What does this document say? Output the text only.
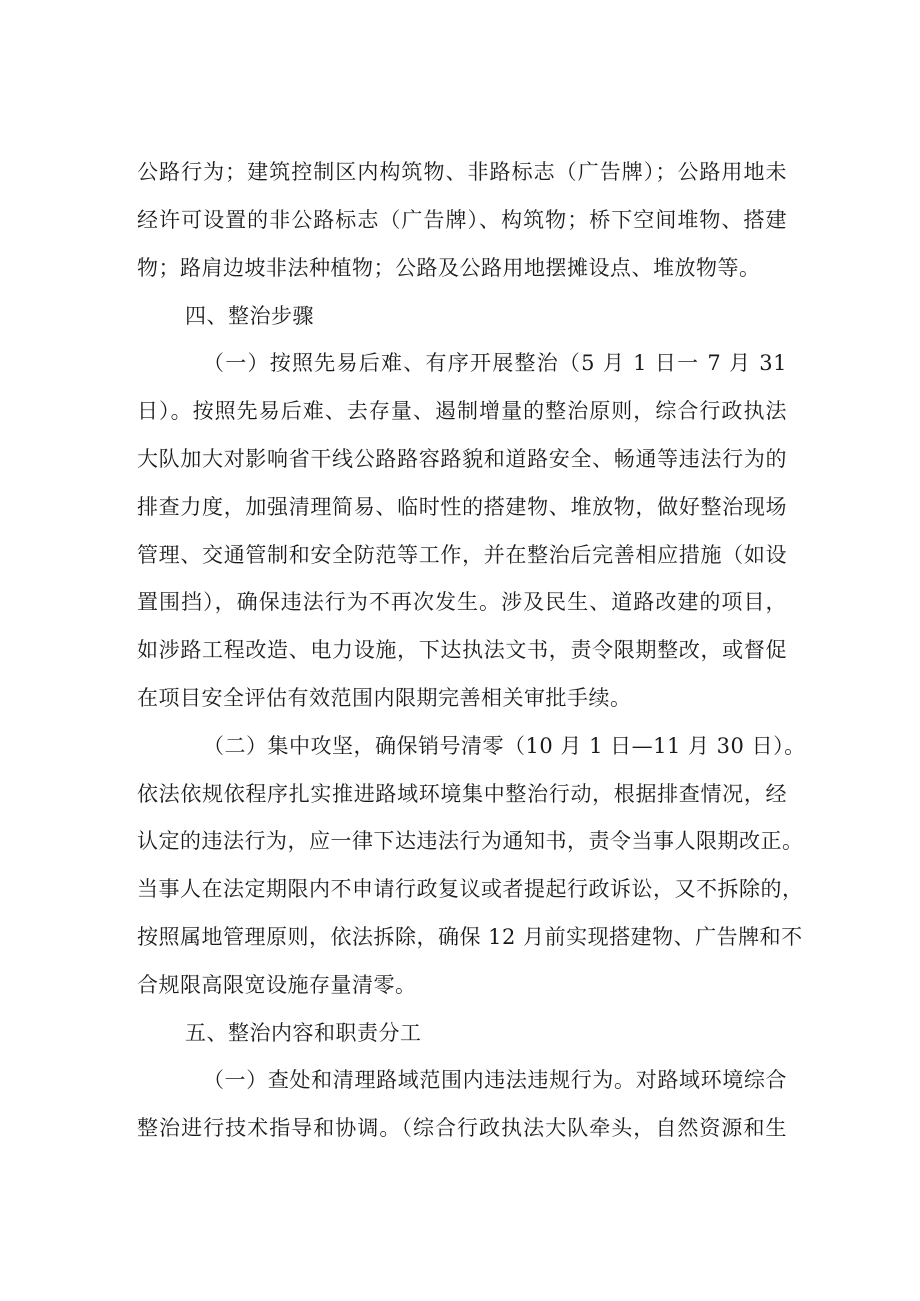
公路行为；建筑控制区内构筑物、非路标志（广告牌）；公路用地未
经许可设置的非公路标志（广告牌）、构筑物；桥下空间堆物、搭建
物；路肩边坡非法种植物；公路及公路用地摆摊设点、堆放物等。
四、整治步骤
（一）按照先易后难、有序开展整治（5 月 1 日一 7 月 31
日）。按照先易后难、去存量、遏制增量的整治原则，综合行政执法
大队加大对影响省干线公路路容路貌和道路安全、畅通等违法行为的
排查力度，加强清理简易、临时性的搭建物、堆放物，做好整治现场
管理、交通管制和安全防范等工作，并在整治后完善相应措施（如设
置围挡），确保违法行为不再次发生。涉及民生、道路改建的项目，
如涉路工程改造、电力设施，下达执法文书，责令限期整改，或督促
在项目安全评估有效范围内限期完善相关审批手续。
（二）集中攻坚，确保销号清零（10 月 1 日—11 月 30 日）。
依法依规依程序扎实推进路域环境集中整治行动，根据排查情况，经
认定的违法行为，应一律下达违法行为通知书，责令当事人限期改正。
当事人在法定期限内不申请行政复议或者提起行政诉讼，又不拆除的，
按照属地管理原则，依法拆除，确保 12 月前实现搭建物、广告牌和不
合规限高限宽设施存量清零。
五、整治内容和职责分工
（一）查处和清理路域范围内违法违规行为。对路域环境综合
整治进行技术指导和协调。（综合行政执法大队牵头，自然资源和生
